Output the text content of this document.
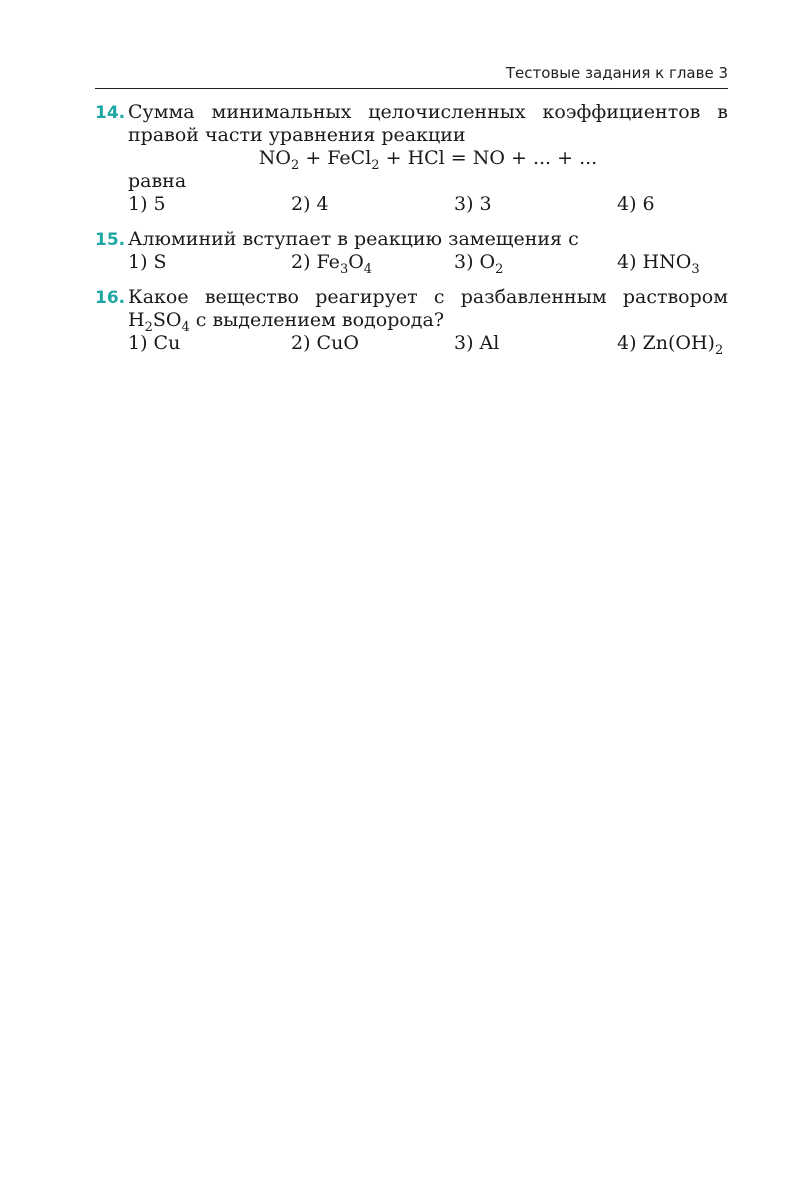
Тестовые задания к главе 3
14. Сумма минимальных целочисленных коэффициентов в
правой части уравнения реакции
$NO_2$ + FeCl$_2$ + HCl = NO + ... + ...
равна
1) 5	2) 4	3) 3	4) 6
15. Алюминий вступает в реакцию замещения с
1) S	2) $Fe_3O_4$	3) $O_2$	4) $HNO_3$
16. Какое вещество реагирует с разбавленным раствором
$H_2SO_4$ с выделением водорода?
1) Cu	2) CuO	3) Al	4) $Zn(OH)_2$
